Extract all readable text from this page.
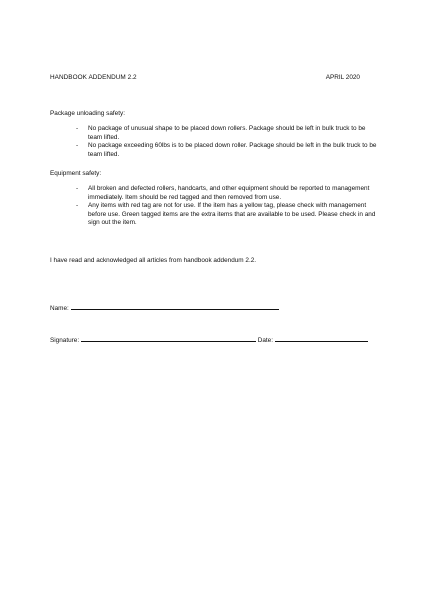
HANDBOOK ADDENDUM 2.2	APRIL 2020
Package unloading safety:
- No package of unusual shape to be placed down rollers. Package should be left in bulk truck to be team lifted.
- No package exceeding 60lbs is to be placed down roller. Package should be left in the bulk truck to be team lifted.
Equipment safety:
- All broken and defected rollers, handcarts, and other equipment should be reported to management immediately. Item should be red tagged and then removed from use.
- Any items with red tag are not for use. If the item has a yellow tag, please check with management before use. Green tagged items are the extra items that are available to be used. Please check in and sign out the item.
I have read and acknowledged all articles from handbook addendum 2.2.
Name:
Signature:	Date:
